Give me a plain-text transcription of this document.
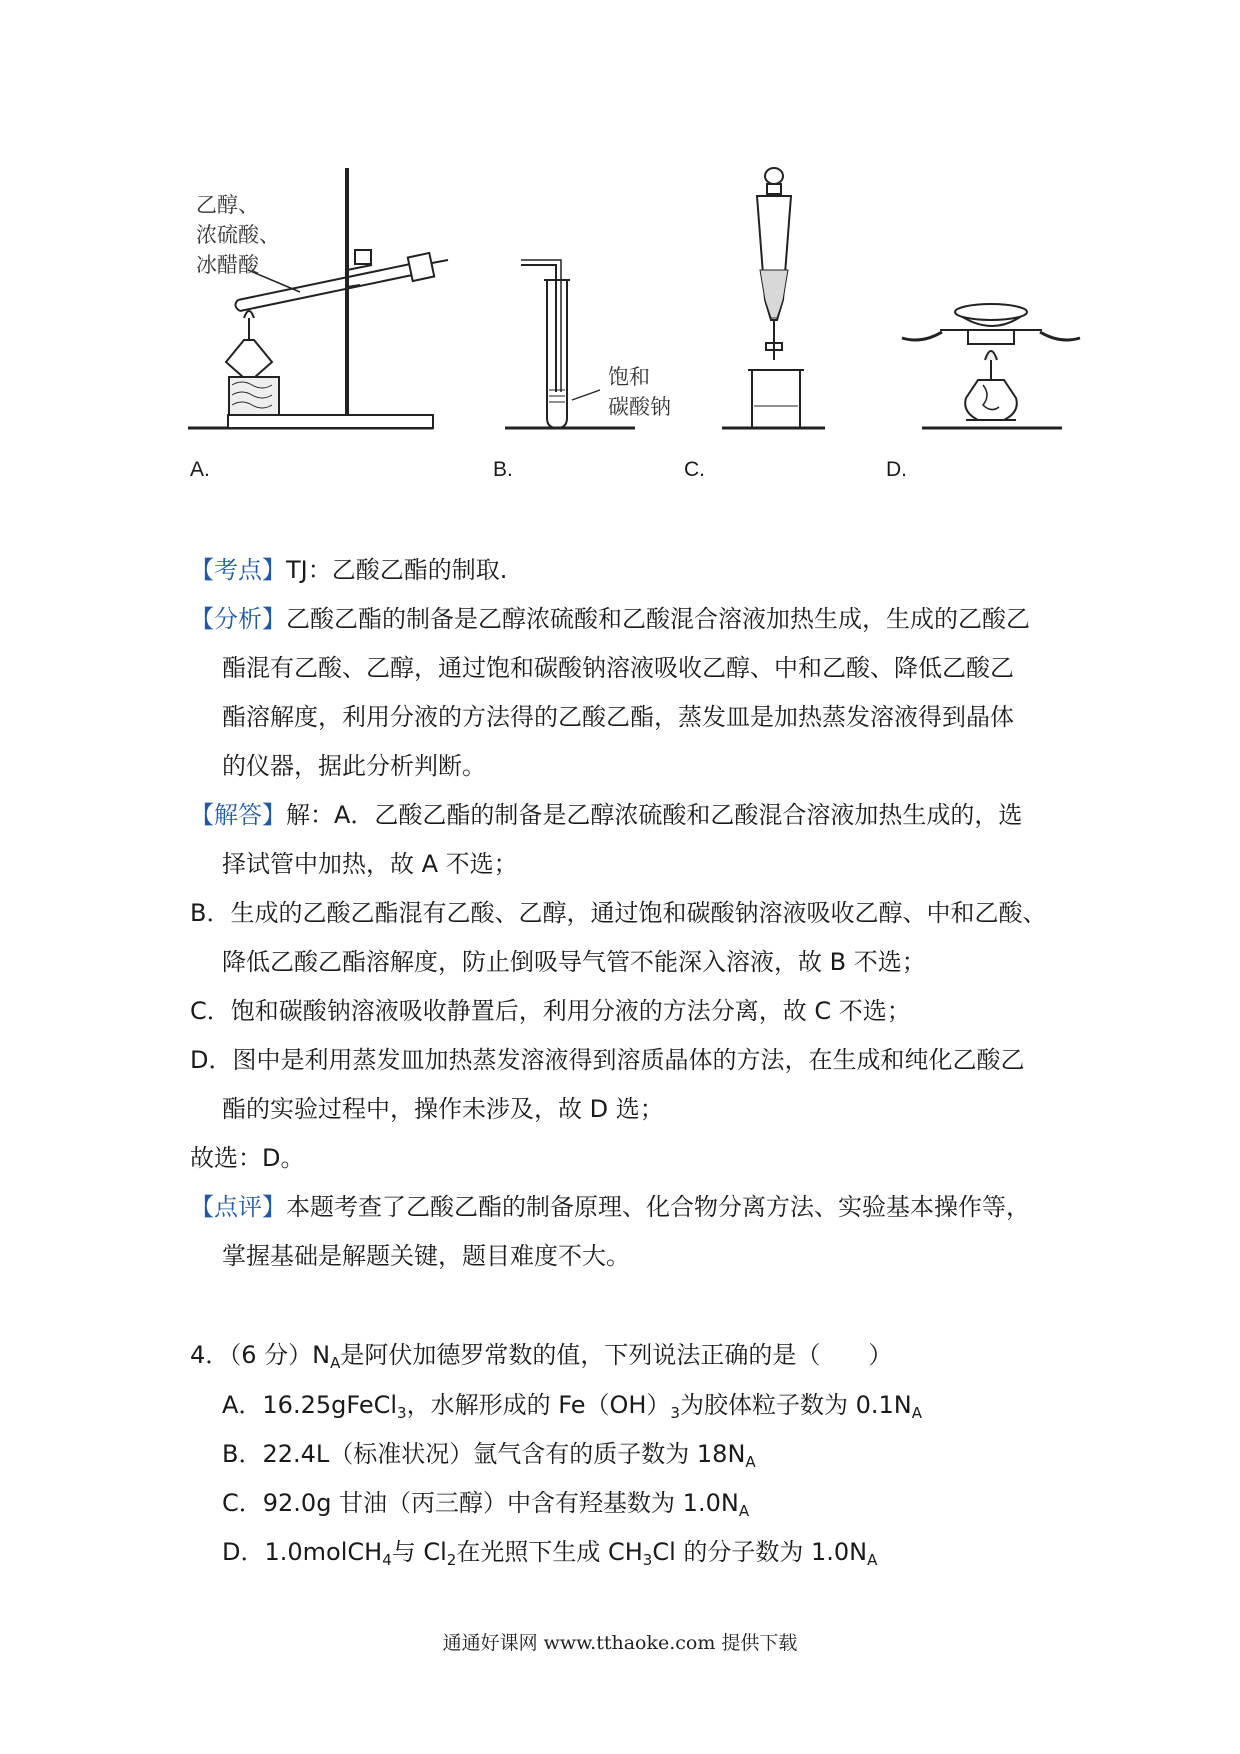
乙醇、
浓硫酸、
冰醋酸
饱和
碳酸钠
A.	B.	C.	D.
【考点】TJ：乙酸乙酯的制取.
【分析】乙酸乙酯的制备是乙醇浓硫酸和乙酸混合溶液加热生成，生成的乙酸乙
酯混有乙酸、乙醇，通过饱和碳酸钠溶液吸收乙醇、中和乙酸、降低乙酸乙
酯溶解度，利用分液的方法得的乙酸乙酯，蒸发皿是加热蒸发溶液得到晶体
的仪器，据此分析判断。
【解答】解：A．乙酸乙酯的制备是乙醇浓硫酸和乙酸混合溶液加热生成的，选
择试管中加热，故 A 不选；
B．生成的乙酸乙酯混有乙酸、乙醇，通过饱和碳酸钠溶液吸收乙醇、中和乙酸、
降低乙酸乙酯溶解度，防止倒吸导气管不能深入溶液，故 B 不选；
C．饱和碳酸钠溶液吸收静置后，利用分液的方法分离，故 C 不选；
D．图中是利用蒸发皿加热蒸发溶液得到溶质晶体的方法，在生成和纯化乙酸乙
酯的实验过程中，操作未涉及，故 D 选；
故选：D。
【点评】本题考查了乙酸乙酯的制备原理、化合物分离方法、实验基本操作等，
掌握基础是解题关键，题目难度不大。
4．（6 分）$N_A$是阿伏加德罗常数的值，下列说法正确的是（　　）
A．16.25gFeCl$_3$，水解形成的 $Fe(OH)_3$为胶体粒子数为 $0.1N_A$
B．22.4L（标准状况）氩气含有的质子数为 $18N_A$
C．92.0g 甘油（丙三醇）中含有羟基数为 $1.0N_A$
D．1.0molCH$_4$与 $Cl_2$在光照下生成 $CH_3Cl$ 的分子数为 $1.0N_A$
通通好课网 www.tthaoke.com 提供下载
